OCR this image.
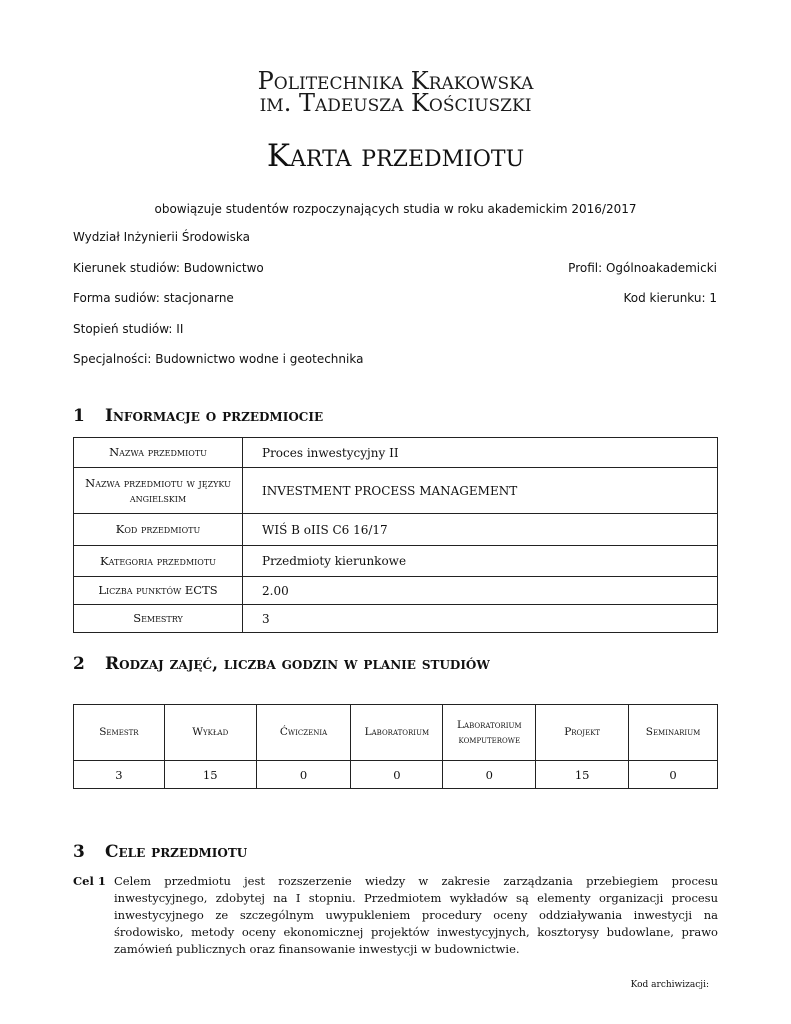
Politechnika Krakowska
im. Tadeusza Kościuszki
Karta przedmiotu
obowiązuje studentów rozpoczynających studia w roku akademickim 2016/2017
Wydział Inżynierii Środowiska
Kierunek studiów: Budownictwo	Profil: Ogólnoakademicki
Forma sudiów: stacjonarne	Kod kierunku: 1
Stopień studiów: II
Specjalności: Budownictwo wodne i geotechnika
1 Informacje o przedmiocie
Nazwa przedmiotu	Proces inwestycyjny II
Nazwa przedmiotu w języku angielskim	INVESTMENT PROCESS MANAGEMENT
Kod przedmiotu	WIŚ B oIIS C6 16/17
Kategoria przedmiotu	Przedmioty kierunkowe
Liczba punktów ECTS	2.00
Semestry	3
2 Rodzaj zajęć, liczba godzin w planie studiów
Semestr	Wykład	Ćwiczenia	Laboratorium	Laboratorium komputerowe	Projekt	Seminarium
3	15	0	0	0	15	0
3 Cele przedmiotu
Cel 1 Celem przedmiotu jest rozszerzenie wiedzy w zakresie zarządzania przebiegiem procesu inwestycyjnego, zdobytej na I stopniu. Przedmiotem wykładów są elementy organizacji procesu inwestycyjnego ze szczególnym uwypukleniem procedury oceny oddziaływania inwestycji na środowisko, metody oceny ekonomicznej projektów inwestycyjnych, kosztorysy budowlane, prawo zamówień publicznych oraz finansowanie inwestycji w budownictwie.
Kod archiwizacji:
